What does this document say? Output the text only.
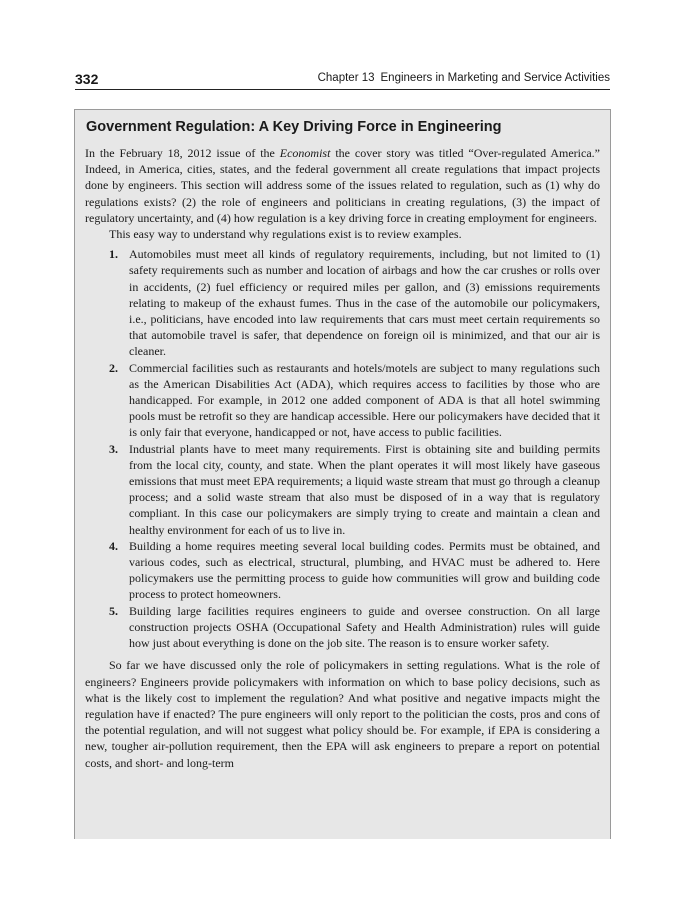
332	Chapter 13 Engineers in Marketing and Service Activities
Government Regulation: A Key Driving Force in Engineering

In the February 18, 2012 issue of the Economist the cover story was titled “Over-regulated America.” Indeed, in America, cities, states, and the federal government all create regulations that impact projects done by engineers. This section will address some of the issues related to regulation, such as (1) why do regulations exists? (2) the role of engineers and politicians in creating regulations, (3) the impact of regulatory uncertainty, and (4) how regulation is a key driving force in creating employment for engineers.

This easy way to understand why regulations exist is to review examples.

1. Automobiles must meet all kinds of regulatory requirements, including, but not limited to (1) safety requirements such as number and location of airbags and how the car crushes or rolls over in accidents, (2) fuel efficiency or required miles per gallon, and (3) emissions requirements relating to makeup of the exhaust fumes. Thus in the case of the automobile our policymakers, i.e., politicians, have encoded into law requirements that cars must meet certain requirements so that automobile travel is safer, that dependence on foreign oil is minimized, and that our air is cleaner.
2. Commercial facilities such as restaurants and hotels/motels are subject to many regulations such as the American Disabilities Act (ADA), which requires access to facilities by those who are handicapped. For example, in 2012 one added component of ADA is that all hotel swimming pools must be retrofit so they are handicap accessible. Here our policymakers have decided that it is only fair that everyone, handicapped or not, have access to public facilities.
3. Industrial plants have to meet many requirements. First is obtaining site and building permits from the local city, county, and state. When the plant operates it will most likely have gaseous emissions that must meet EPA requirements; a liquid waste stream that must go through a cleanup process; and a solid waste stream that also must be disposed of in a way that is regulatory compliant. In this case our policymakers are simply trying to create and maintain a clean and healthy environment for each of us to live in.
4. Building a home requires meeting several local building codes. Permits must be obtained, and various codes, such as electrical, structural, plumbing, and HVAC must be adhered to. Here policymakers use the permitting process to guide how communities will grow and building code process to protect homeowners.
5. Building large facilities requires engineers to guide and oversee construction. On all large construction projects OSHA (Occupational Safety and Health Administration) rules will guide how just about everything is done on the job site. The reason is to ensure worker safety.

So far we have discussed only the role of policymakers in setting regulations. What is the role of engineers? Engineers provide policymakers with information on which to base policy decisions, such as what is the likely cost to implement the regulation? And what positive and negative impacts might the regulation have if enacted? The pure engineers will only report to the politician the costs, pros and cons of the potential regulation, and will not suggest what policy should be. For example, if EPA is considering a new, tougher air-pollution requirement, then the EPA will ask engineers to prepare a report on potential costs, and short- and long-term
